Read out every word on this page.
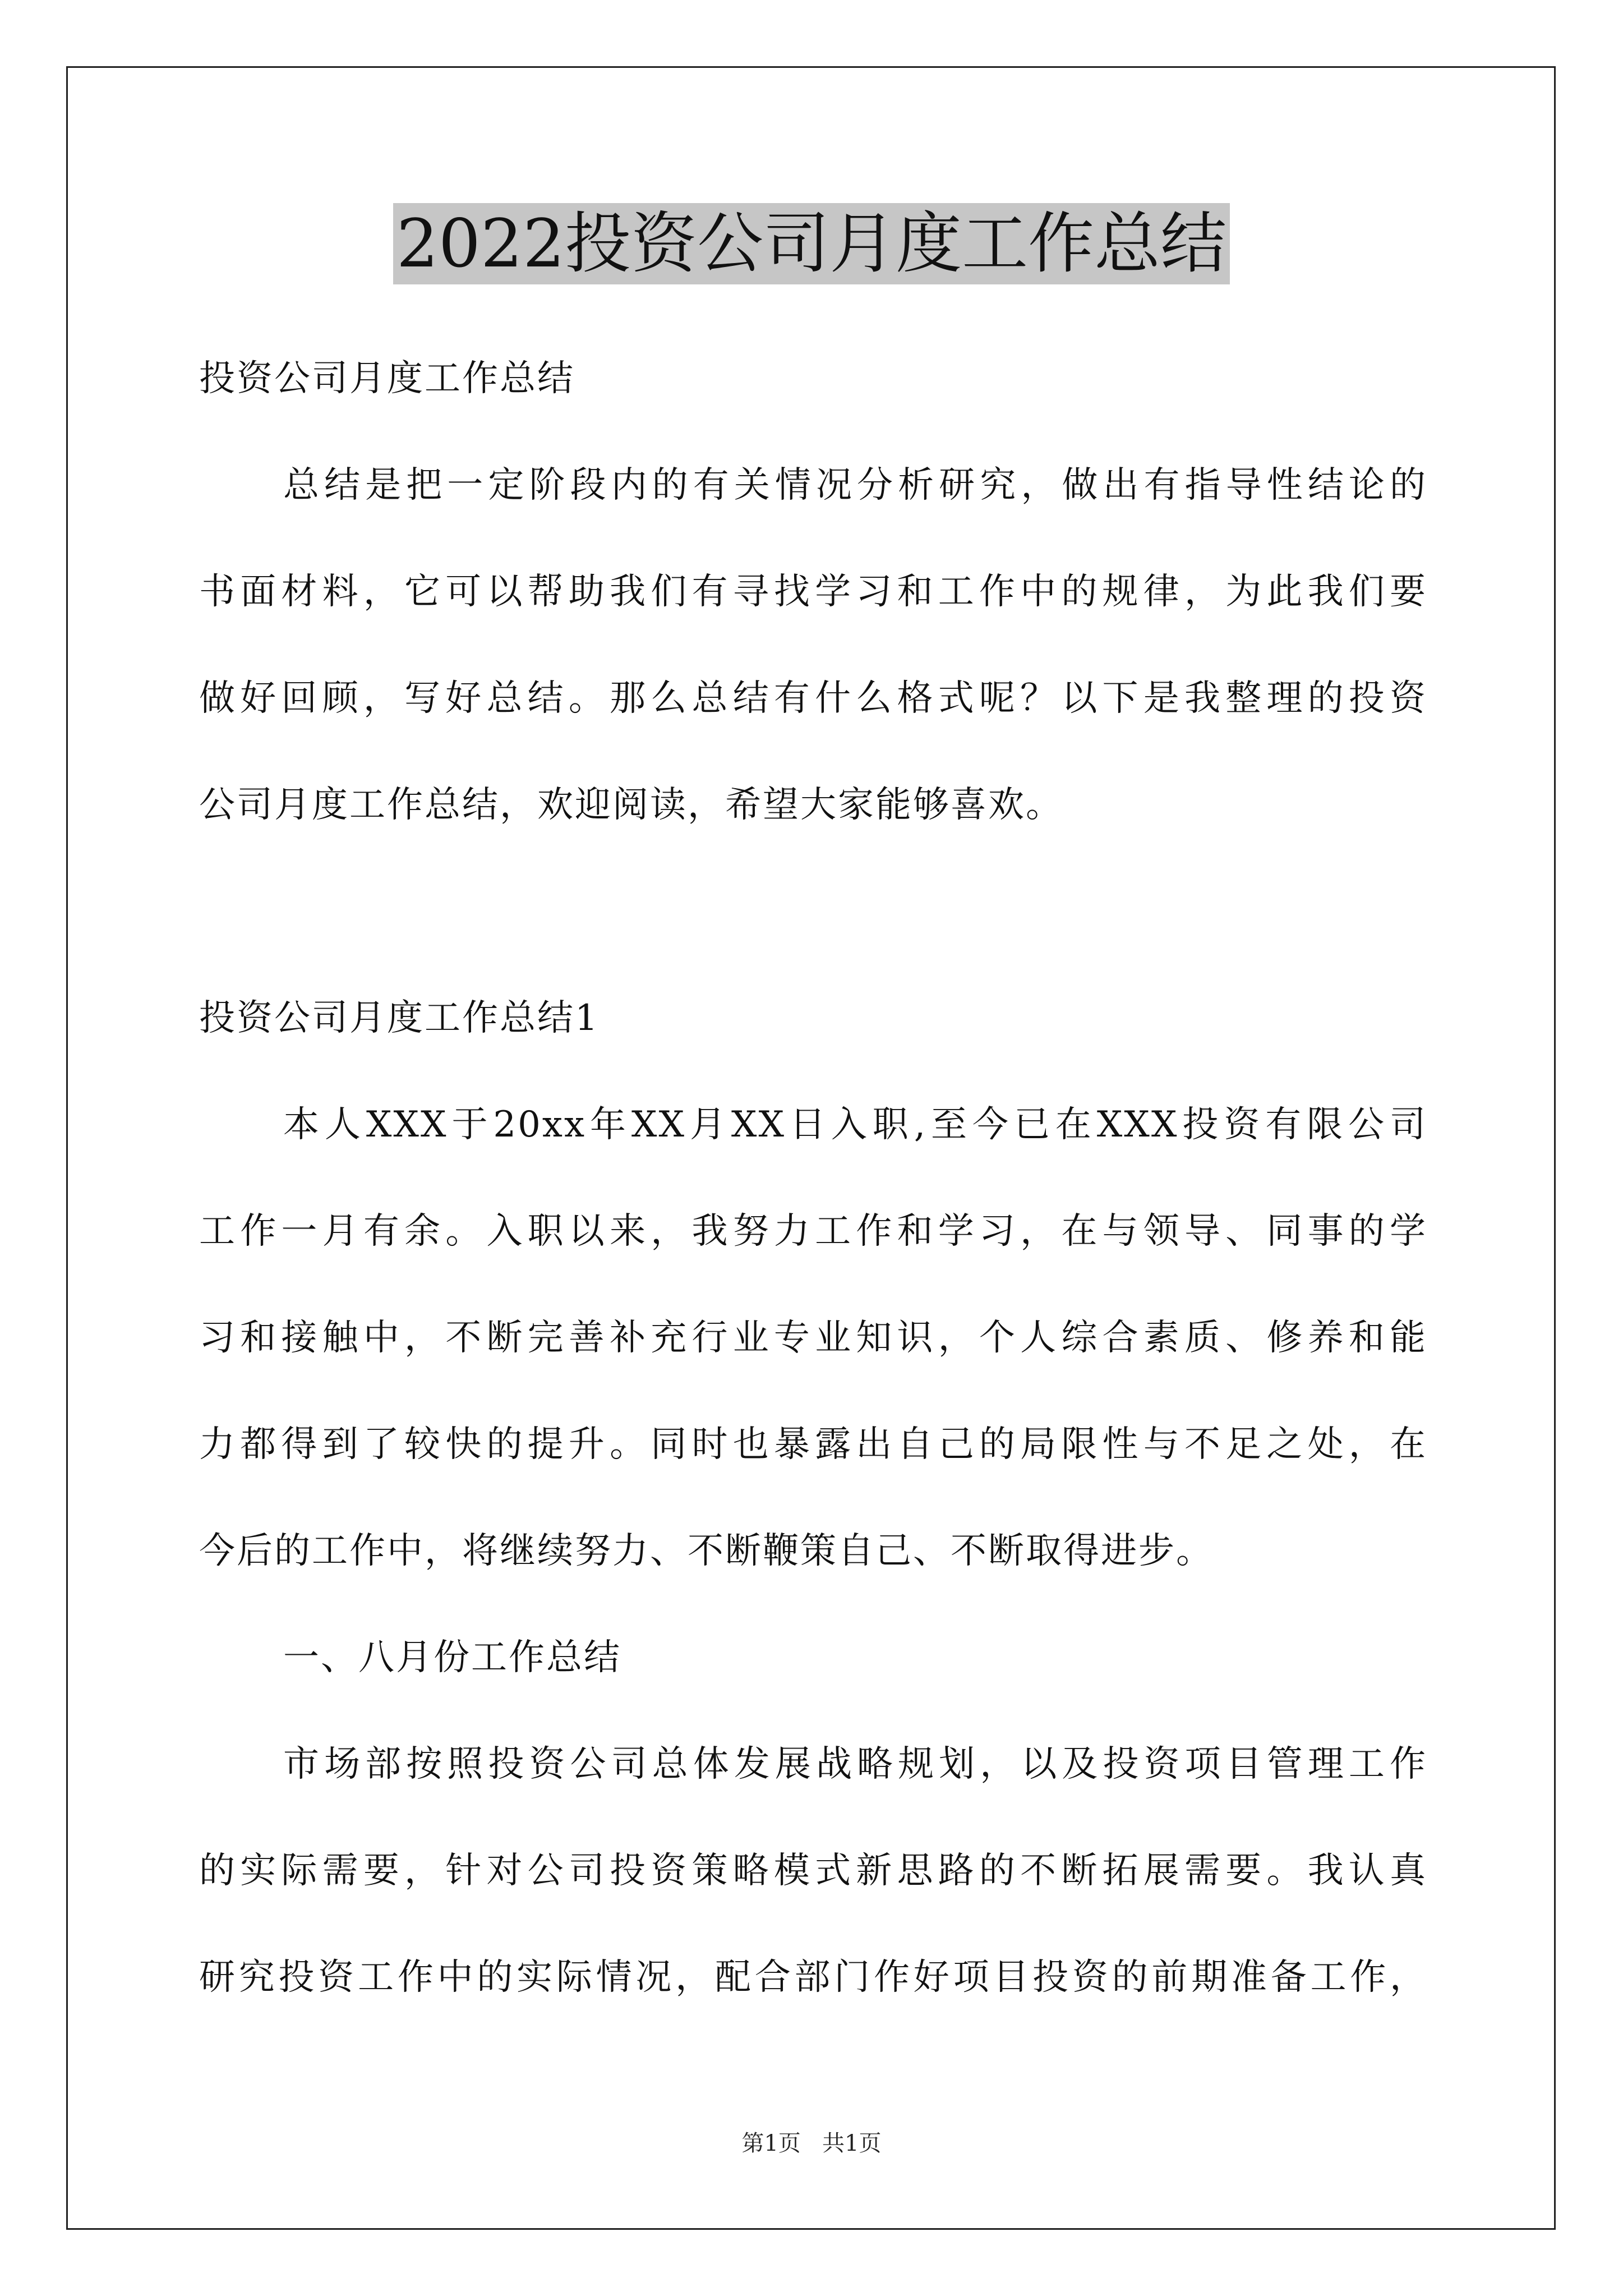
2022投资公司月度工作总结
投资公司月度工作总结
总结是把一定阶段内的有关情况分析研究，做出有指导性结论的
书面材料，它可以帮助我们有寻找学习和工作中的规律，为此我们要
做好回顾，写好总结。那么总结有什么格式呢？以下是我整理的投资
公司月度工作总结，欢迎阅读，希望大家能够喜欢。
投资公司月度工作总结1
本人XXX于20xx年XX月XX日入职,至今已在XXX投资有限公司
工作一月有余。入职以来，我努力工作和学习，在与领导、同事的学
习和接触中，不断完善补充行业专业知识，个人综合素质、修养和能
力都得到了较快的提升。同时也暴露出自己的局限性与不足之处，在
今后的工作中，将继续努力、不断鞭策自己、不断取得进步。
一、八月份工作总结
市场部按照投资公司总体发展战略规划，以及投资项目管理工作
的实际需要，针对公司投资策略模式新思路的不断拓展需要。我认真
研究投资工作中的实际情况，配合部门作好项目投资的前期准备工作，
第1页   共1页
